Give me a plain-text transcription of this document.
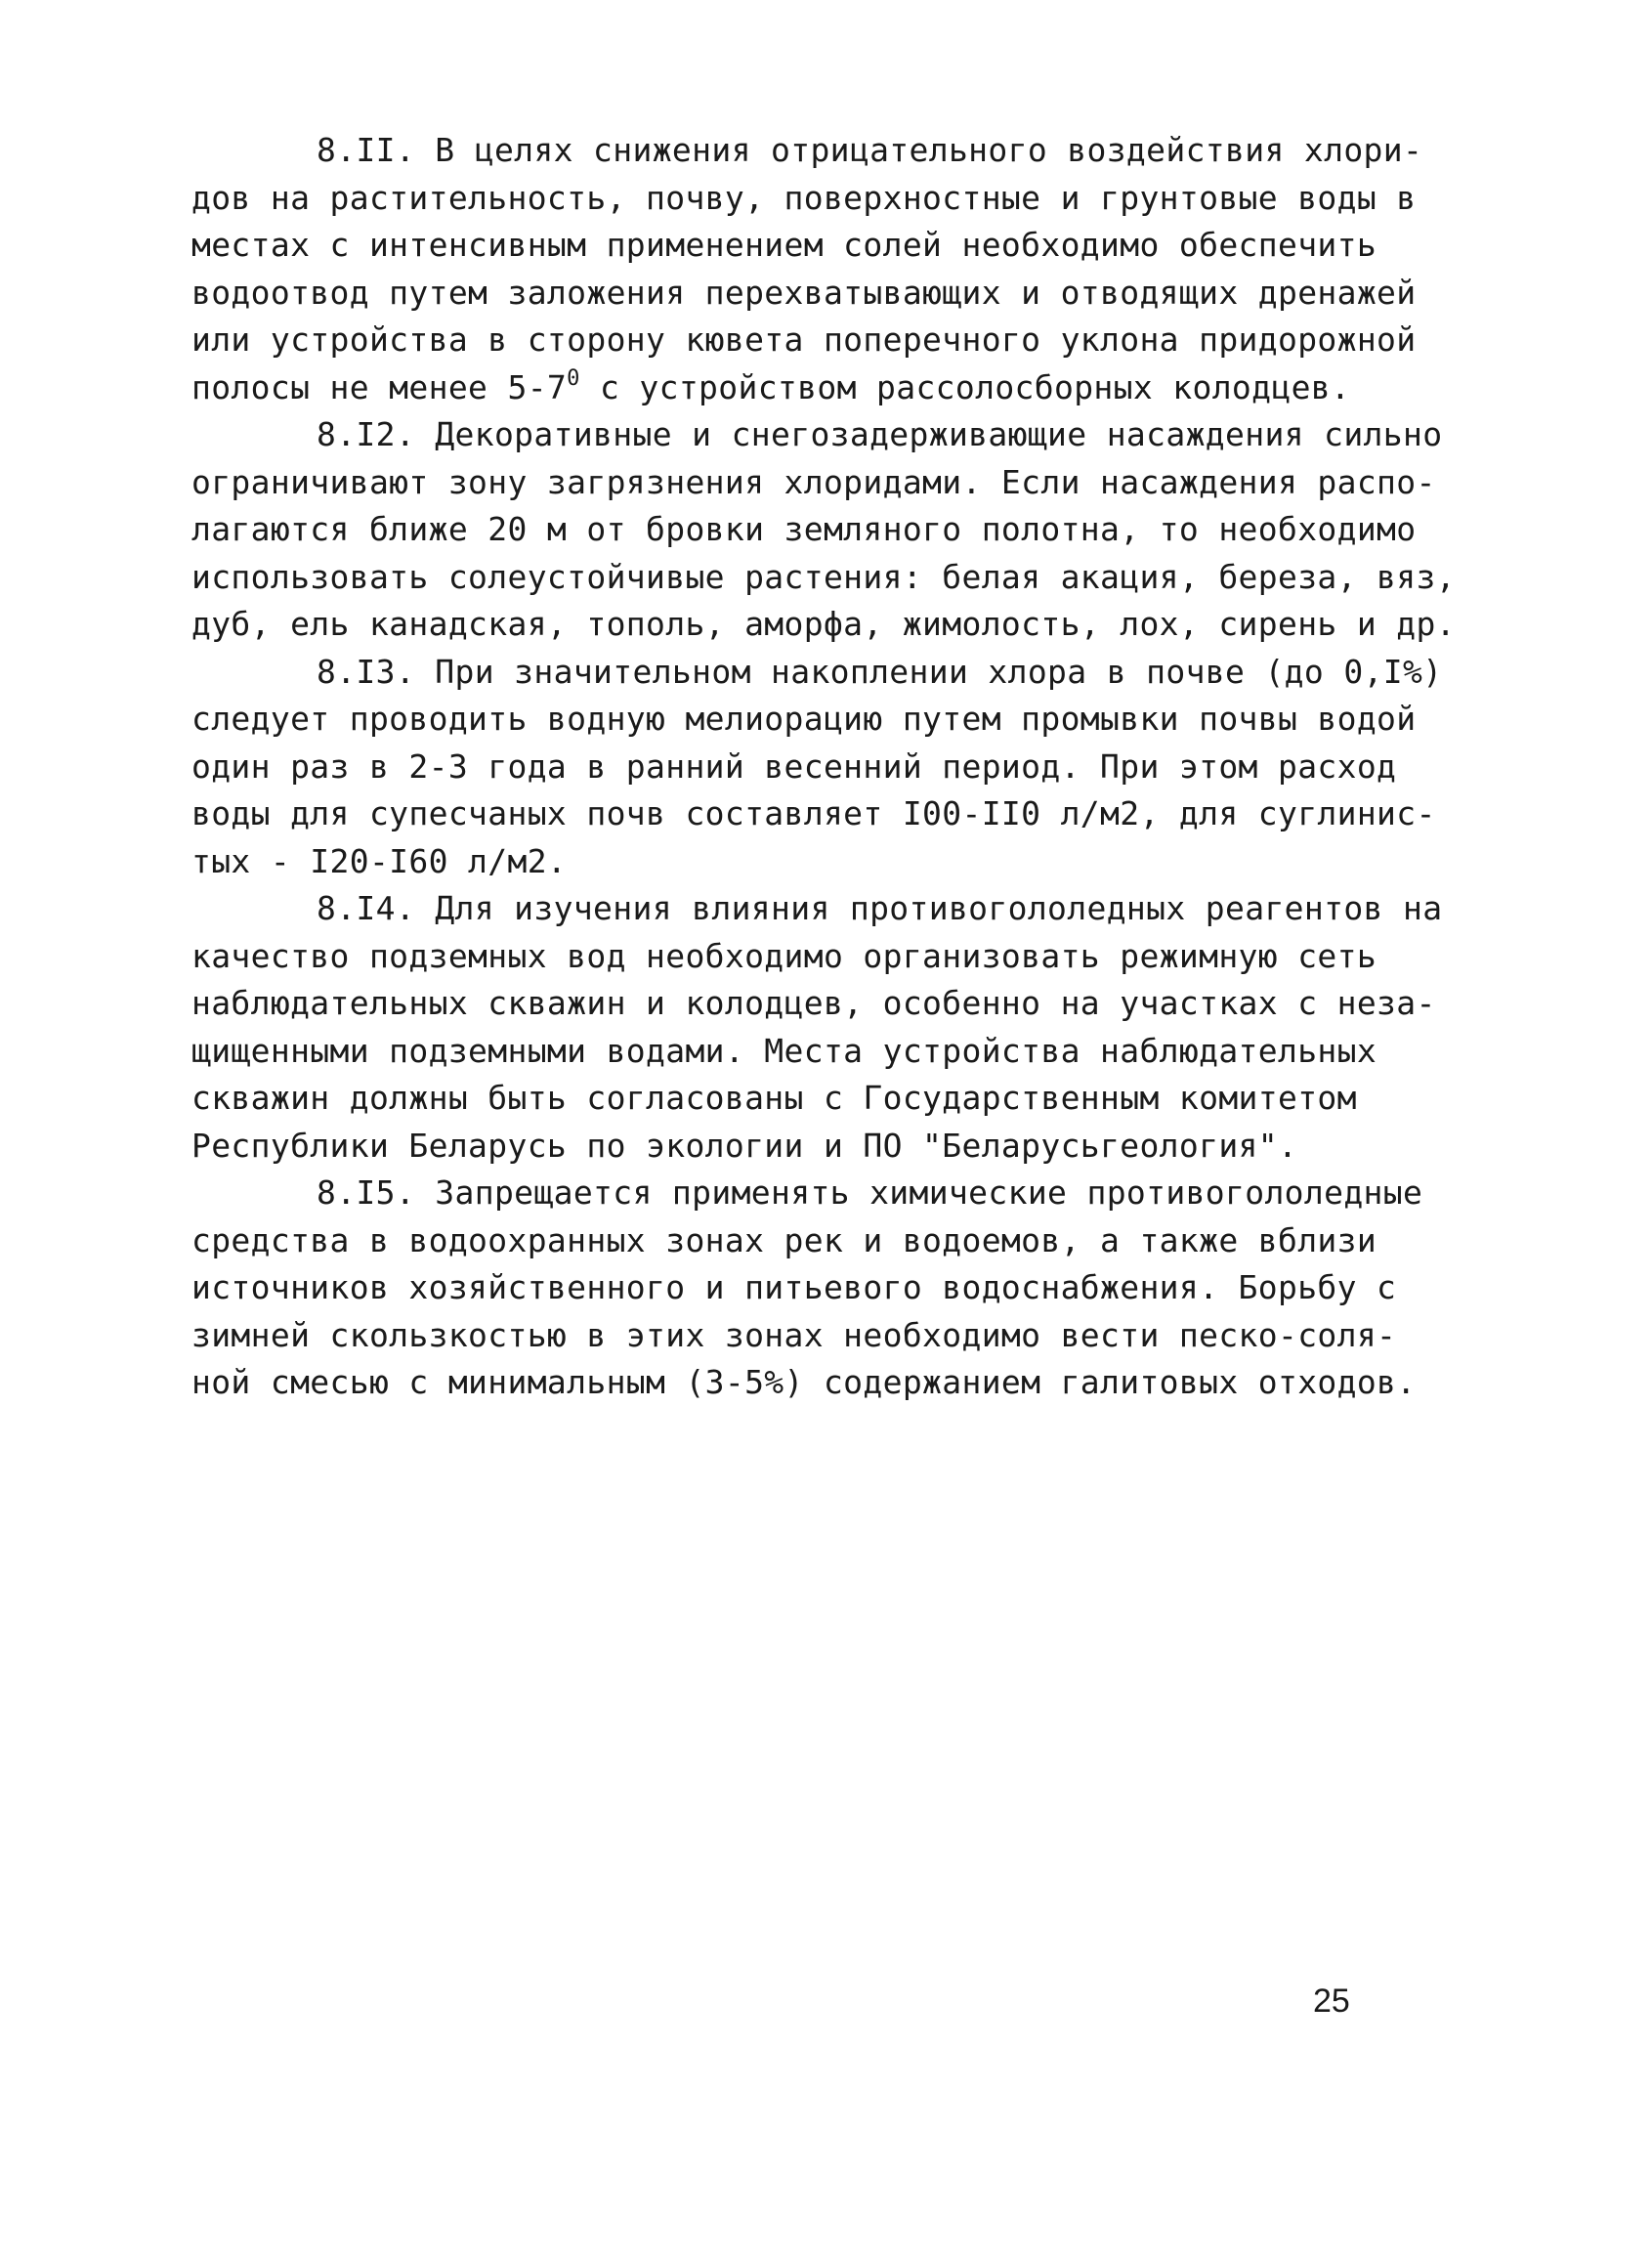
8.II. В целях снижения отрицательного воздействия хлори-
дов на растительность, почву, поверхностные и грунтовые воды в
местах с интенсивным применением солей необходимо обеспечить
водоотвод путем заложения перехватывающих и отводящих дренажей
или устройства в сторону кювета поперечного уклона придорожной
полосы не менее $5-7^0$ с устройством рассолосборных колодцев.
8.I2. Декоративные и снегозадерживающие насаждения сильно
ограничивают зону загрязнения хлоридами. Если насаждения распо-
лагаются ближе 20 м от бровки земляного полотна, то необходимо
использовать солеустойчивые растения: белая акация, береза, вяз,
дуб, ель канадская, тополь, аморфа, жимолость, лох, сирень и др.
8.I3. При значительном накоплении хлора в почве (до 0,I%)
следует проводить водную мелиорацию путем промывки почвы водой
один раз в 2-3 года в ранний весенний период. При этом расход
воды для супесчаных почв составляет I00-II0 л/м2, для суглинис-
тых - I20-I60 л/м2.
8.I4. Для изучения влияния противогололедных реагентов на
качество подземных вод необходимо организовать режимную сеть
наблюдательных скважин и колодцев, особенно на участках с неза-
щищенными подземными водами. Места устройства наблюдательных
скважин должны быть согласованы с Государственным комитетом
Республики Беларусь по экологии и ПО "Беларусьгеология".
8.I5. Запрещается применять химические противогололедные
средства в водоохранных зонах рек и водоемов, а также вблизи
источников хозяйственного и питьевого водоснабжения. Борьбу с
зимней скользкостью в этих зонах необходимо вести песко-соля-
ной смесью с минимальным (3-5%) содержанием галитовых отходов.
25
